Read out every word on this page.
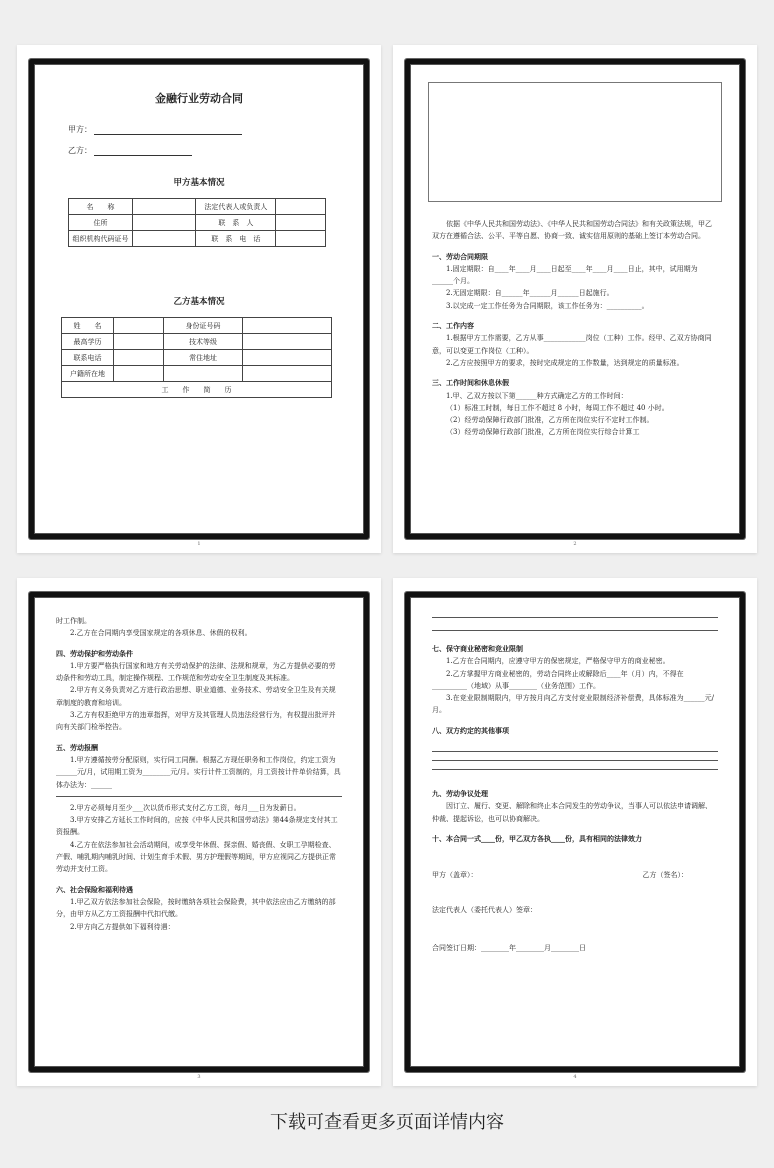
金融行业劳动合同
甲方：
乙方：
甲方基本情况
名　　称		法定代表人或负责人	
住所		联　系　人	
组织机构代码证号		联　系　电　话	
乙方基本情况
姓　　名		身份证号码	
最高学历		技术等级	
联系电话		常住地址	
户籍所在地			
工　　作　　简　　历			
1

依据《中华人民共和国劳动法》、《中华人民共和国劳动合同法》和有关政策法规，甲乙双方在遵循合法、公平、平等自愿、协商一致、诚实信用原则的基础上签订本劳动合同。

一、劳动合同期限

1.固定期限：自____年____月____日起至____年____月____日止，其中，试用期为______个月。

2.无固定期限：自______年______月______日起施行。

3.以完成一定工作任务为合同期限，该工作任务为：__________。

二、工作内容

1.根据甲方工作需要，乙方从事____________岗位（工种）工作。经甲、乙双方协商同意，可以变更工作岗位（工种）。

2.乙方应按照甲方的要求，按时完成规定的工作数量，达到规定的质量标准。

三、工作时间和休息休假

1.甲、乙双方按以下第______种方式确定乙方的工作时间：

（1）标准工时制，每日工作不超过 8 小时，每周工作不超过 40 小时。

（2）经劳动保障行政部门批准，乙方所在岗位实行不定时工作制。

（3）经劳动保障行政部门批准，乙方所在岗位实行综合计算工

2

时工作制。

2.乙方在合同期内享受国家规定的各项休息、休假的权利。

四、劳动保护和劳动条件

1.甲方要严格执行国家和地方有关劳动保护的法律、法规和规章，为乙方提供必要的劳动条件和劳动工具，制定操作规程、工作规范和劳动安全卫生制度及其标准。

2.甲方有义务负责对乙方进行政治思想、职业道德、业务技术、劳动安全卫生及有关规章制度的教育和培训。

3.乙方有权拒绝甲方的违章指挥，对甲方及其管理人员违法经营行为，有权提出批评并向有关部门检举控告。

五、劳动报酬

1.甲方遵循按劳分配原则，实行同工同酬。根据乙方现任职务和工作岗位，约定工资为______元/月，试用期工资为________元/月。实行计件工资制的，月工资按计件单价结算，具体办法为：______

2.甲方必须每月至少___次以货币形式支付乙方工资，每月___日为发薪日。

3.甲方安排乙方延长工作时间的，应按《中华人民共和国劳动法》第44条规定支付其工资报酬。

4.乙方在依法参加社会活动期间，或享受年休假、探亲假、婚丧假、女职工孕期检查、产假、哺乳期内哺乳时间、计划生育手术假、男方护理假等期间，甲方应视同乙方提供正常劳动并支付工资。

六、社会保险和福利待遇

1.甲乙双方依法参加社会保险，按时缴纳各项社会保险费，其中依法应由乙方缴纳的部分，由甲方从乙方工资报酬中代扣代缴。

2.甲方向乙方提供如下福利待遇：

3

七、保守商业秘密和竞业限制

1.乙方在合同期内，应遵守甲方的保密规定，严格保守甲方的商业秘密。

2.乙方掌握甲方商业秘密的，劳动合同终止或解除后____年（月）内，不得在__________（地域）从事________（业务范围）工作。

3.在竞业限制期限内，甲方按月向乙方支付竞业限制经济补偿费，具体标准为______元/月。

八、双方约定的其他事项

九、劳动争议处理

因订立、履行、变更、解除和终止本合同发生的劳动争议，当事人可以依法申请调解、仲裁、提起诉讼，也可以协商解决。

十、本合同一式____份，甲乙双方各执____份，具有相同的法律效力

甲方（盖章）：	乙方（签名）：

法定代表人（委托代表人）签章：

合同签订日期：________年________月________日

4
下载可查看更多页面详情内容
